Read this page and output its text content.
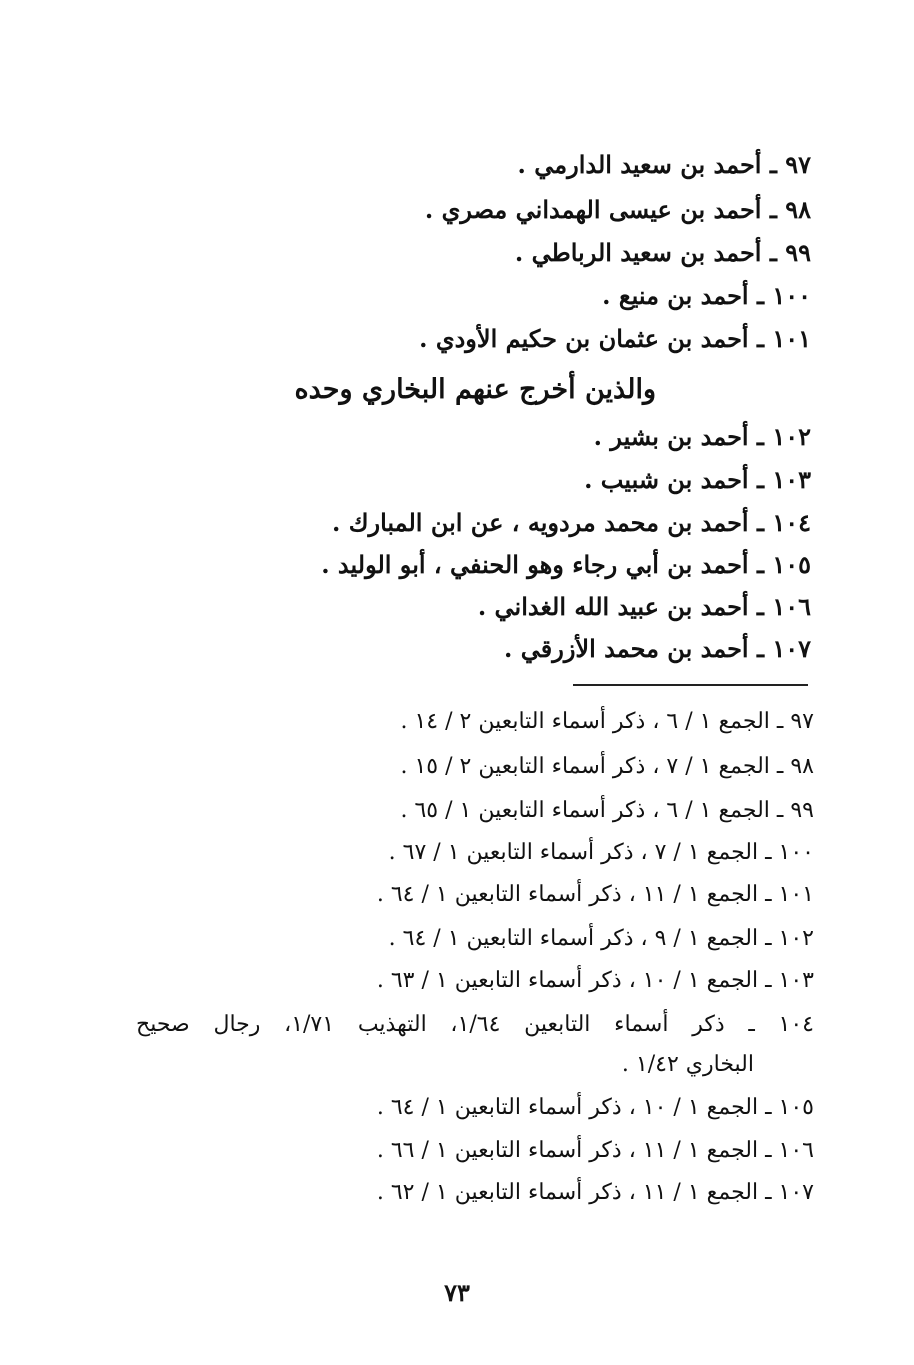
٩٧ ـ أحمد بن سعيد الدارمي .
٩٨ ـ أحمد بن عيسى الهمداني مصري .
٩٩ ـ أحمد بن سعيد الرباطي .
١٠٠ ـ أحمد بن منيع .
١٠١ ـ أحمد بن عثمان بن حكيم الأودي .
والذين أخرج عنهم البخاري وحده
١٠٢ ـ أحمد بن بشير .
١٠٣ ـ أحمد بن شبيب .
١٠٤ ـ أحمد بن محمد مردويه ، عن ابن المبارك .
١٠٥ ـ أحمد بن أبي رجاء وهو الحنفي ، أبو الوليد .
١٠٦ ـ أحمد بن عبيد الله الغداني .
١٠٧ ـ أحمد بن محمد الأزرقي .
٩٧ ـ الجمع ١ / ٦ ، ذكر أسماء التابعين ٢ / ١٤ .
٩٨ ـ الجمع ١ / ٧ ، ذكر أسماء التابعين ٢ / ١٥ .
٩٩ ـ الجمع ١ / ٦ ، ذكر أسماء التابعين ١ / ٦٥ .
١٠٠ ـ الجمع ١ / ٧ ، ذكر أسماء التابعين ١ / ٦٧ .
١٠١ ـ الجمع ١ / ١١ ، ذكر أسماء التابعين ١ / ٦٤ .
١٠٢ ـ الجمع ١ / ٩ ، ذكر أسماء التابعين ١ / ٦٤ .
١٠٣ ـ الجمع ١ / ١٠ ، ذكر أسماء التابعين ١ / ٦٣ .
١٠٤ ـ ذكر أسماء التابعين ١/٦٤، التهذيب ١/٧١، رجال صحيح
البخاري ١/٤٢ .
١٠٥ ـ الجمع ١ / ١٠ ، ذكر أسماء التابعين ١ / ٦٤ .
١٠٦ ـ الجمع ١ / ١١ ، ذكر أسماء التابعين ١ / ٦٦ .
١٠٧ ـ الجمع ١ / ١١ ، ذكر أسماء التابعين ١ / ٦٢ .
٧٣
